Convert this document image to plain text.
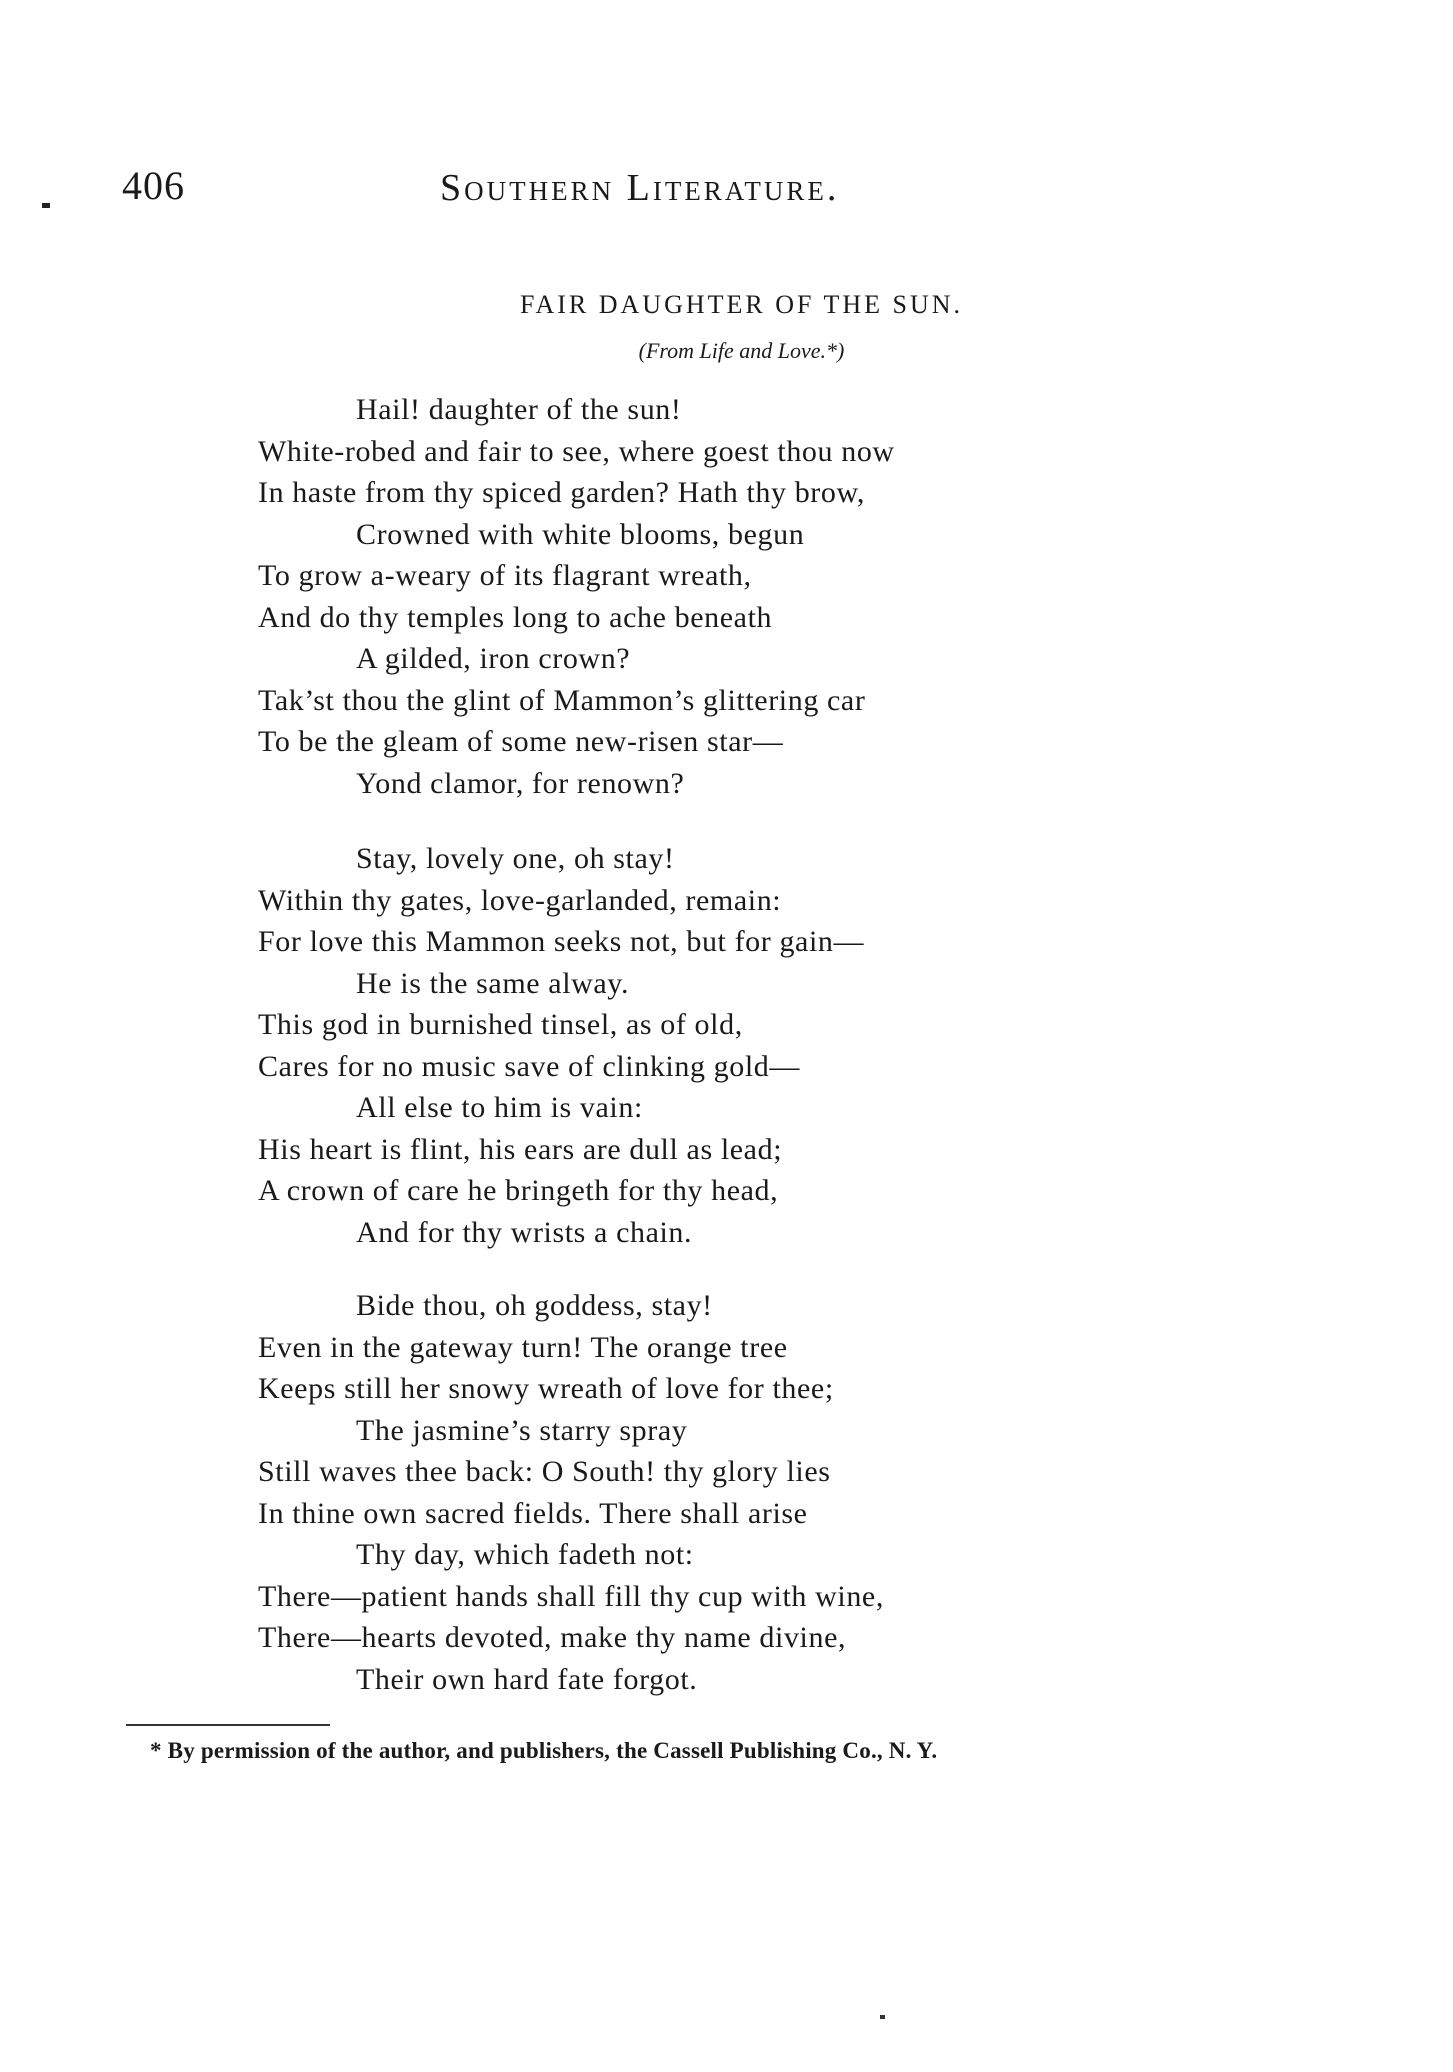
406	Southern Literature.
FAIR DAUGHTER OF THE SUN.
(From Life and Love.*)
Hail! daughter of the sun!
White-robed and fair to see, where goest thou now
In haste from thy spiced garden? Hath thy brow,
Crowned with white blooms, begun
To grow a-weary of its flagrant wreath,
And do thy temples long to ache beneath
A gilded, iron crown?
Tak’st thou the glint of Mammon’s glittering car
To be the gleam of some new-risen star—
Yond clamor, for renown?
Stay, lovely one, oh stay!
Within thy gates, love-garlanded, remain:
For love this Mammon seeks not, but for gain—
He is the same alway.
This god in burnished tinsel, as of old,
Cares for no music save of clinking gold—
All else to him is vain:
His heart is flint, his ears are dull as lead;
A crown of care he bringeth for thy head,
And for thy wrists a chain.
Bide thou, oh goddess, stay!
Even in the gateway turn! The orange tree
Keeps still her snowy wreath of love for thee;
The jasmine’s starry spray
Still waves thee back: O South! thy glory lies
In thine own sacred fields. There shall arise
Thy day, which fadeth not:
There—patient hands shall fill thy cup with wine,
There—hearts devoted, make thy name divine,
Their own hard fate forgot.
* By permission of the author, and publishers, the Cassell Publishing Co., N. Y.
